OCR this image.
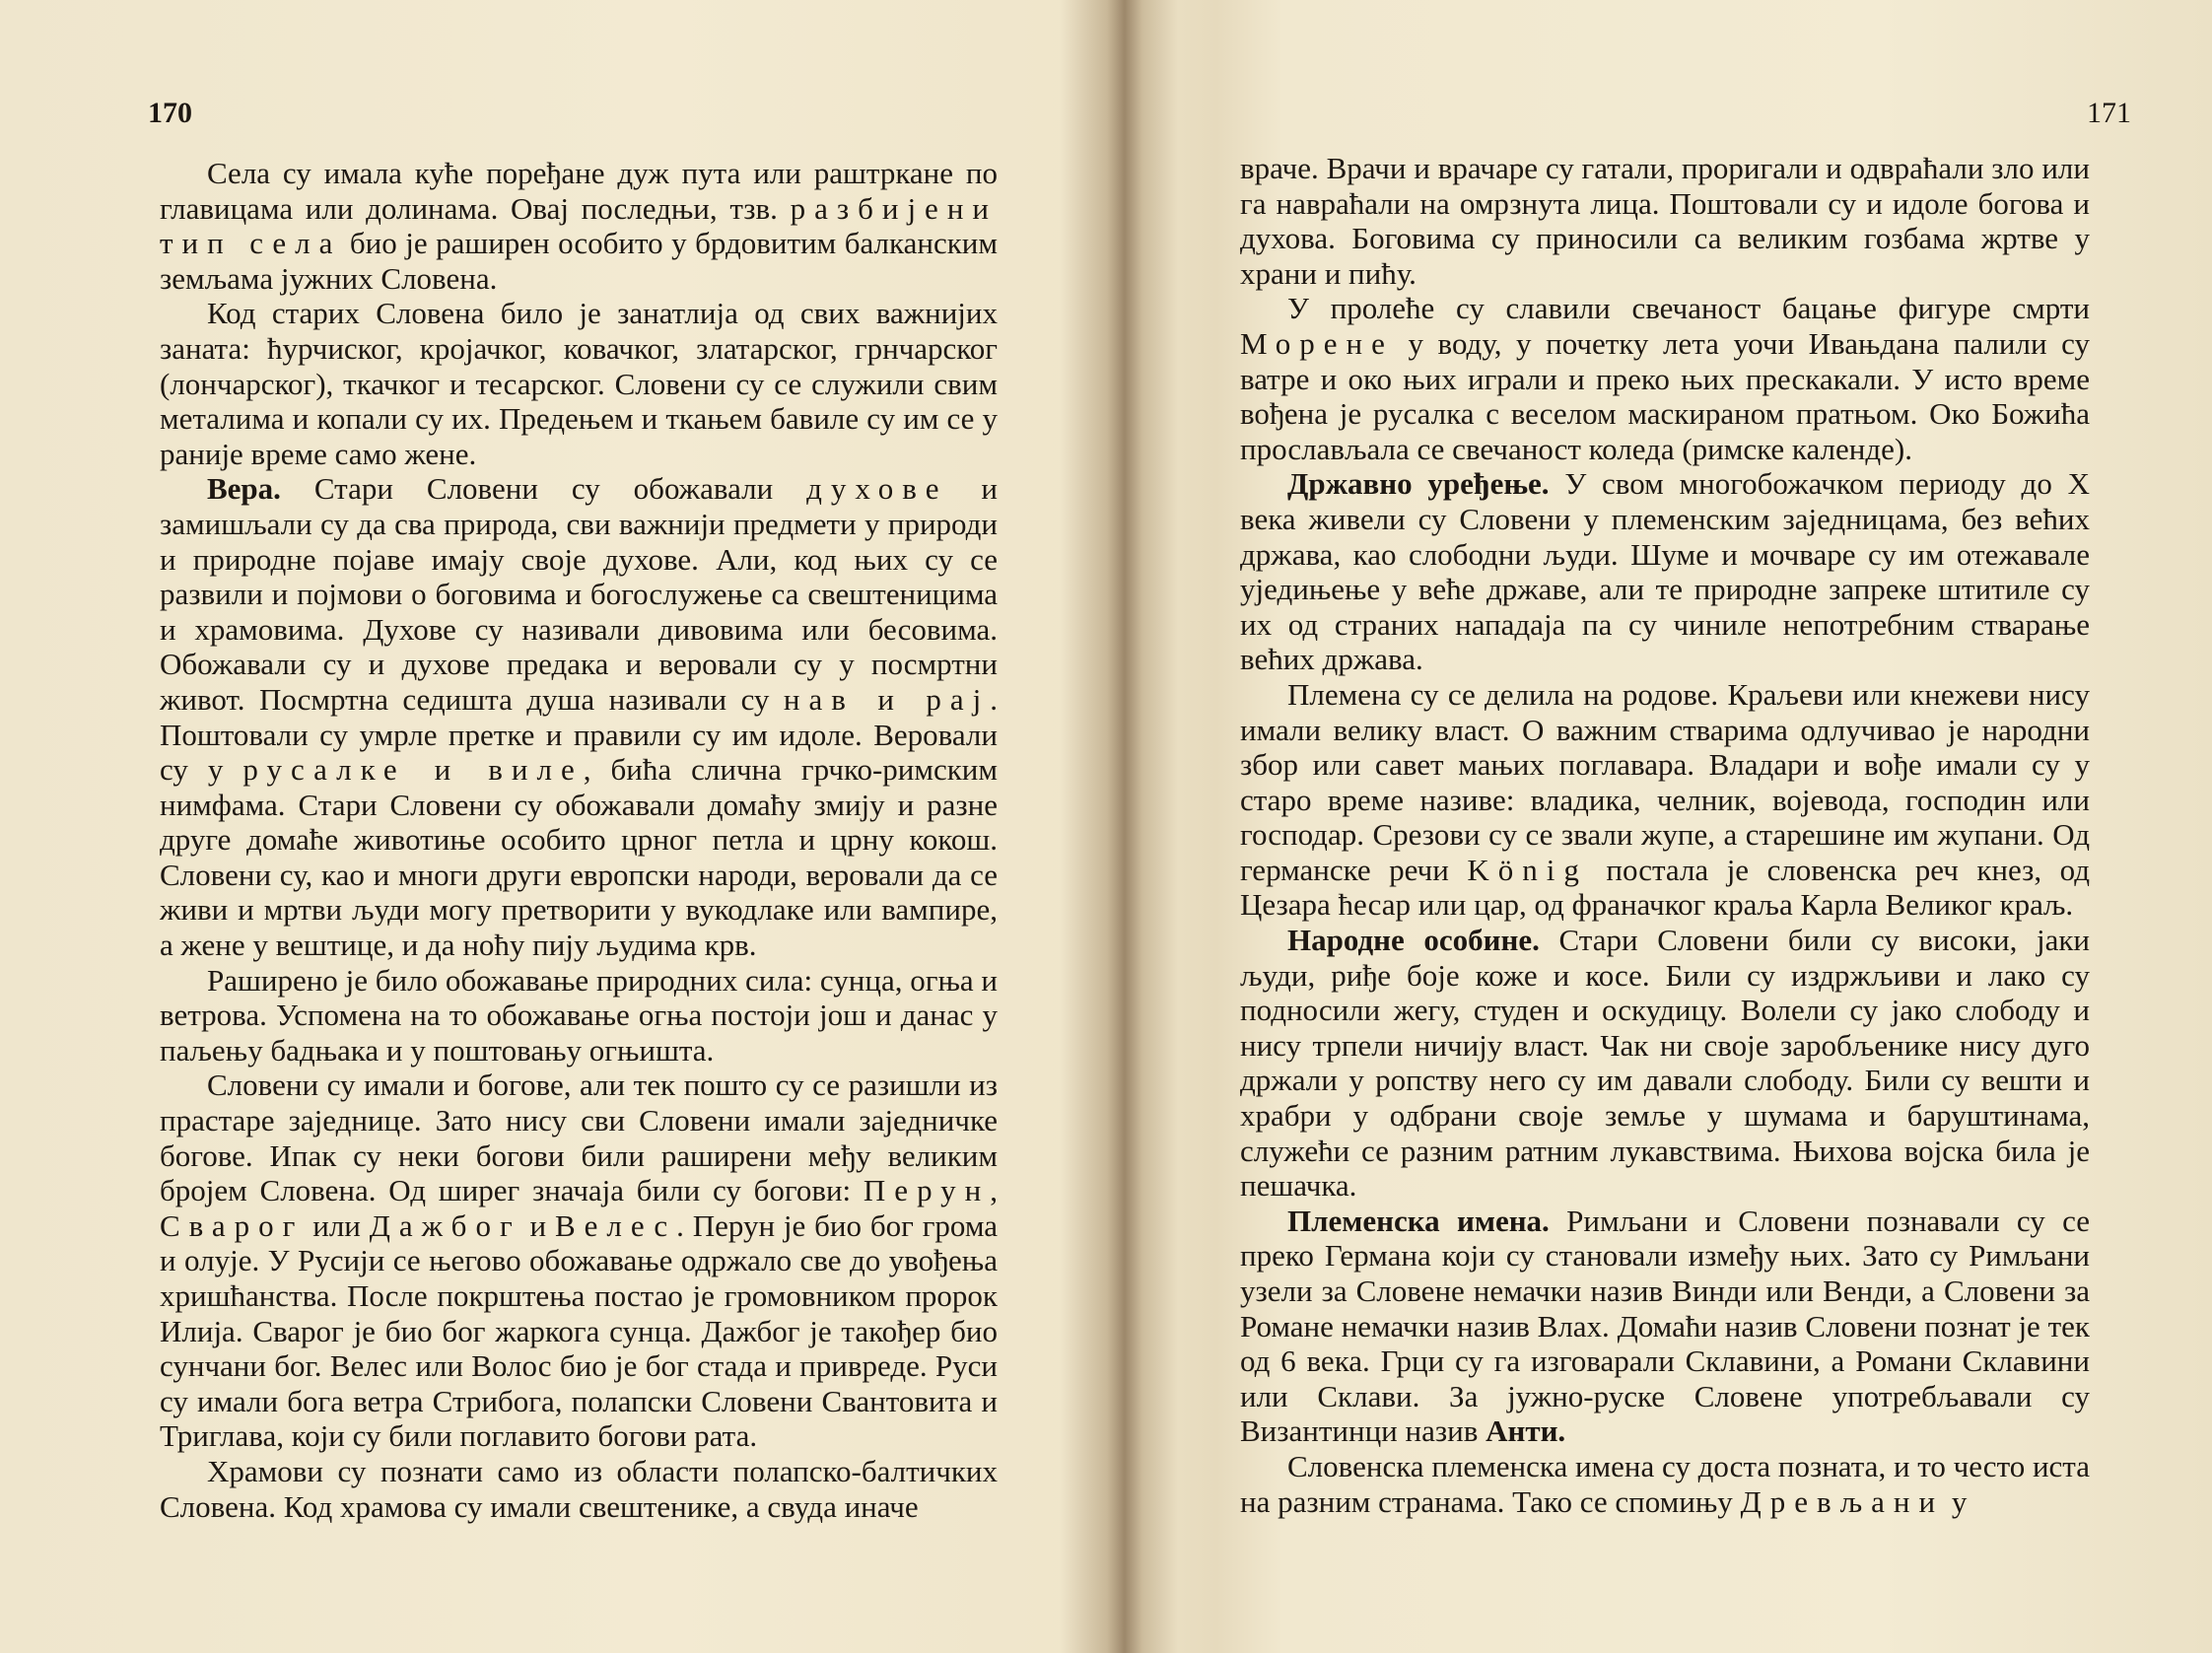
170

Села су имала куће поређане дуж пута или раштркане по главицама или долинама. Овај последњи, тзв. разбијени тип села био је раширен особито у брдовитим балканским земљама јужних Словена.

Код старих Словена било је занатлија од свих важнијих заната: ћурчиског, кројачког, ковачког, златарског, грнчарског (лончарског), ткачког и тесарског. Словени су се служили свим металима и копали су их. Предењем и ткањем бавиле су им се у раније време само жене.

Вера. Стари Словени су обожавали духове и замишљали су да сва природа, сви важнији предмети у природи и природне појаве имају своје духове. Али, код њих су се развили и појмови о боговима и богослужење са свештеницима и храмовима. Духове су називали дивовима или бесовима. Обожавали су и духове предака и веровали су у посмртни живот. Посмртна седишта душа називали су нав и рај. Поштовали су умрле претке и правили су им идоле. Веровали су у русалке и виле, бића слична грчко-римским нимфама. Стари Словени су обожавали домаћу змију и разне друге домаће животиње особито црног петла и црну кокош. Словени су, као и многи други европски народи, веровали да се живи и мртви људи могу претворити у вукодлаке или вампире, а жене у вештице, и да ноћу пију људима крв.

Раширено је било обожавање природних сила: сунца, огња и ветрова. Успомена на то обожавање огња постоји још и данас у паљењу бадњака и у поштовању огњишта.

Словени су имали и богове, али тек пошто су се разишли из прастаре заједнице. Зато нису сви Словени имали заједничке богове. Ипак су неки богови били раширени међу великим бројем Словена. Од ширег значаја били су богови: Перун, Сварог или Дажбог и Велес. Перун је био бог грома и олује. У Русији се његово обожавање одржало све до увођења хришћанства. После покрштења постао је громовником пророк Илија. Сварог је био бог жаркога сунца. Дажбог је такођер био сунчани бог. Велес или Волос био је бог стада и привреде. Руси су имали бога ветра Стрибога, полапски Словени Свантовита и Триглава, који су били поглавито богови рата.

Храмови су познати само из области полапско-балтичких Словена. Код храмова су имали свештенике, а свуда иначе

171

враче. Врачи и врачаре су гатали, проригали и одвраћали зло или га навраћали на омрзнута лица. Поштовали су и идоле богова и духова. Боговима су приносили са великим гозбама жртве у храни и пићу.

У пролеће су славили свечаност бацање фигуре смрти Морене у воду, у почетку лета уочи Ивањдана палили су ватре и око њих играли и преко њих прескакали. У исто време вођена је русалка с веселом маскираном пратњом. Око Божића прослављала се свечаност коледа (римске календе).

Државно уређење. У свом многобожачком периоду до X века живели су Словени у племенским заједницама, без већих држава, као слободни људи. Шуме и мочваре су им отежавале уједињење у веће државе, али те природне запреке штитиле су их од страних нападаја па су чиниле непотребним стварање већих држава.

Племена су се делила на родове. Краљеви или кнежеви нису имали велику власт. О важним стварима одлучивао је народни збор или савет мањих поглавара. Владари и вође имали су у старо време називе: владика, челник, војевода, господин или господар. Срезови су се звали жупе, а старешине им жупани. Од германске речи König постала је словенска реч кнез, од Цезара ћесар или цар, од франачког краља Карла Великог краљ.

Народне особине. Стари Словени били су високи, јаки људи, риђе боје коже и косе. Били су издржљиви и лако су подносили жегу, студен и оскудицу. Волели су јако слободу и нису трпели ничију власт. Чак ни своје заробљенике нису дуго држали у ропству него су им давали слободу. Били су вешти и храбри у одбрани своје земље у шумама и баруштинама, служећи се разним ратним лукавствима. Њихова војска била је пешачка.

Племенска имена. Римљани и Словени познавали су се преко Германа који су становали између њих. Зато су Римљани узели за Словене немачки назив Винди или Венди, а Словени за Романе немачки назив Влах. Домаћи назив Словени познат је тек од 6 века. Грци су га изговарали Склавини, а Романи Склавини или Склави. За јужно-руске Словене употребљавали су Византинци назив Анти.

Словенска племенска имена су доста позната, и то често иста на разним странама. Тако се спомињу Древљани у
